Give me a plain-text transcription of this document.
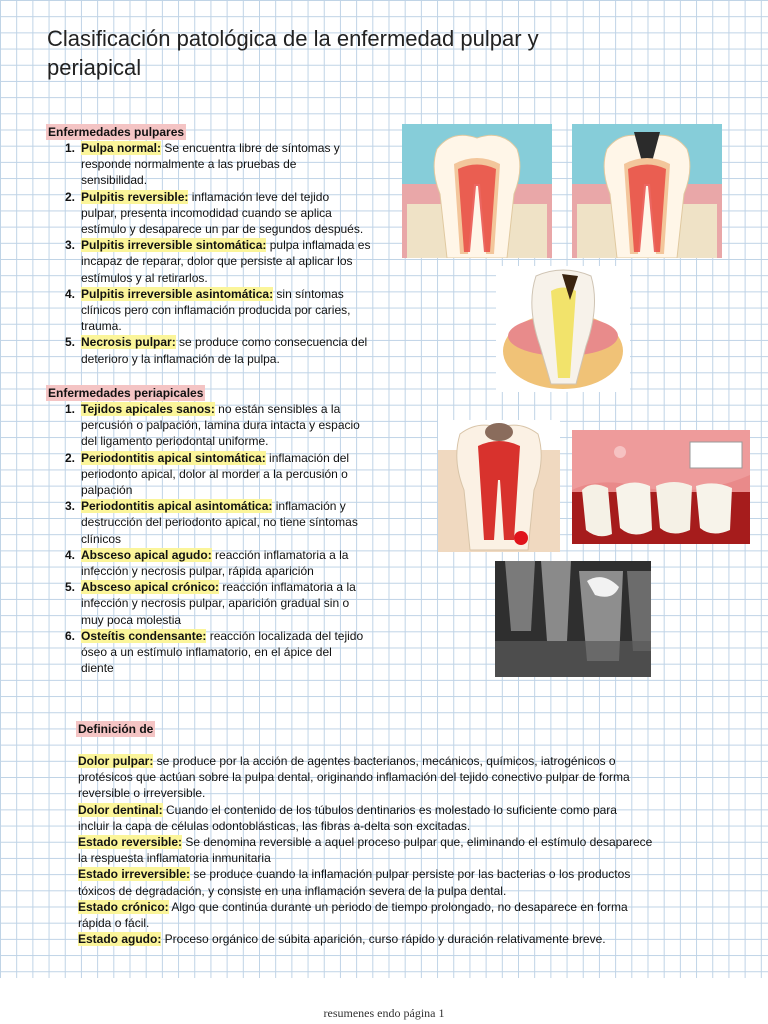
Clasificación patológica de la enfermedad pulpar y periapical
Enfermedades pulpares
1. Pulpa normal: Se encuentra libre de síntomas y
responde normalmente a las pruebas de
sensibilidad.
2. Pulpitis reversible: inflamación leve del tejido
pulpar, presenta incomodidad cuando se aplica
estímulo y desaparece un par de segundos después.
3. Pulpitis irreversible sintomática: pulpa inflamada es
incapaz de reparar, dolor que persiste al aplicar los
estímulos y al retirarlos.
4. Pulpitis irreversible asintomática: sin síntomas
clínicos pero con inflamación producida por caries,
trauma.
5. Necrosis pulpar: se produce como consecuencia del
deterioro y la inflamación de la pulpa.
Enfermedades periapicales
1. Tejidos apicales sanos: no están sensibles a la
percusión o palpación, lamina dura intacta y espacio
del ligamento periodontal uniforme.
2. Periodontitis apical sintomática: inflamación del
periodonto apical, dolor al morder a la percusión o
palpación
3. Periodontitis apical asintomática: inflamación y
destrucción del periodonto apical, no tiene síntomas
clínicos
4. Absceso apical agudo: reacción inflamatoria a la
infección y necrosis pulpar, rápida aparición
5. Absceso apical crónico: reacción inflamatoria a la
infección y necrosis pulpar, aparición gradual sin o
muy poca molestia
6. Osteítis condensante: reacción localizada del tejido
óseo a un estímulo inflamatorio, en el ápice del
diente
Definición de
Dolor pulpar: se produce por la acción de agentes bacterianos, mecánicos, químicos, iatrogénicos o
protésicos que actúan sobre la pulpa dental, originando inflamación del tejido conectivo pulpar de forma
reversible o irreversible.
Dolor dentinal: Cuando el contenido de los túbulos dentinarios es molestado lo suficiente como para
incluir la capa de células odontoblásticas, las fibras a-delta son excitadas.
Estado reversible: Se denomina reversible a aquel proceso pulpar que, eliminando el estímulo desaparece
la respuesta inflamatoria inmunitaria
Estado irreversible: se produce cuando la inflamación pulpar persiste por las bacterias o los productos
tóxicos de degradación, y consiste en una inflamación severa de la pulpa dental.
Estado crónico: Algo que continúa durante un periodo de tiempo prolongado, no desaparece en forma
rápida o fácil.
Estado agudo: Proceso orgánico de súbita aparición, curso rápido y duración relativamente breve.
resumenes endo página 1
